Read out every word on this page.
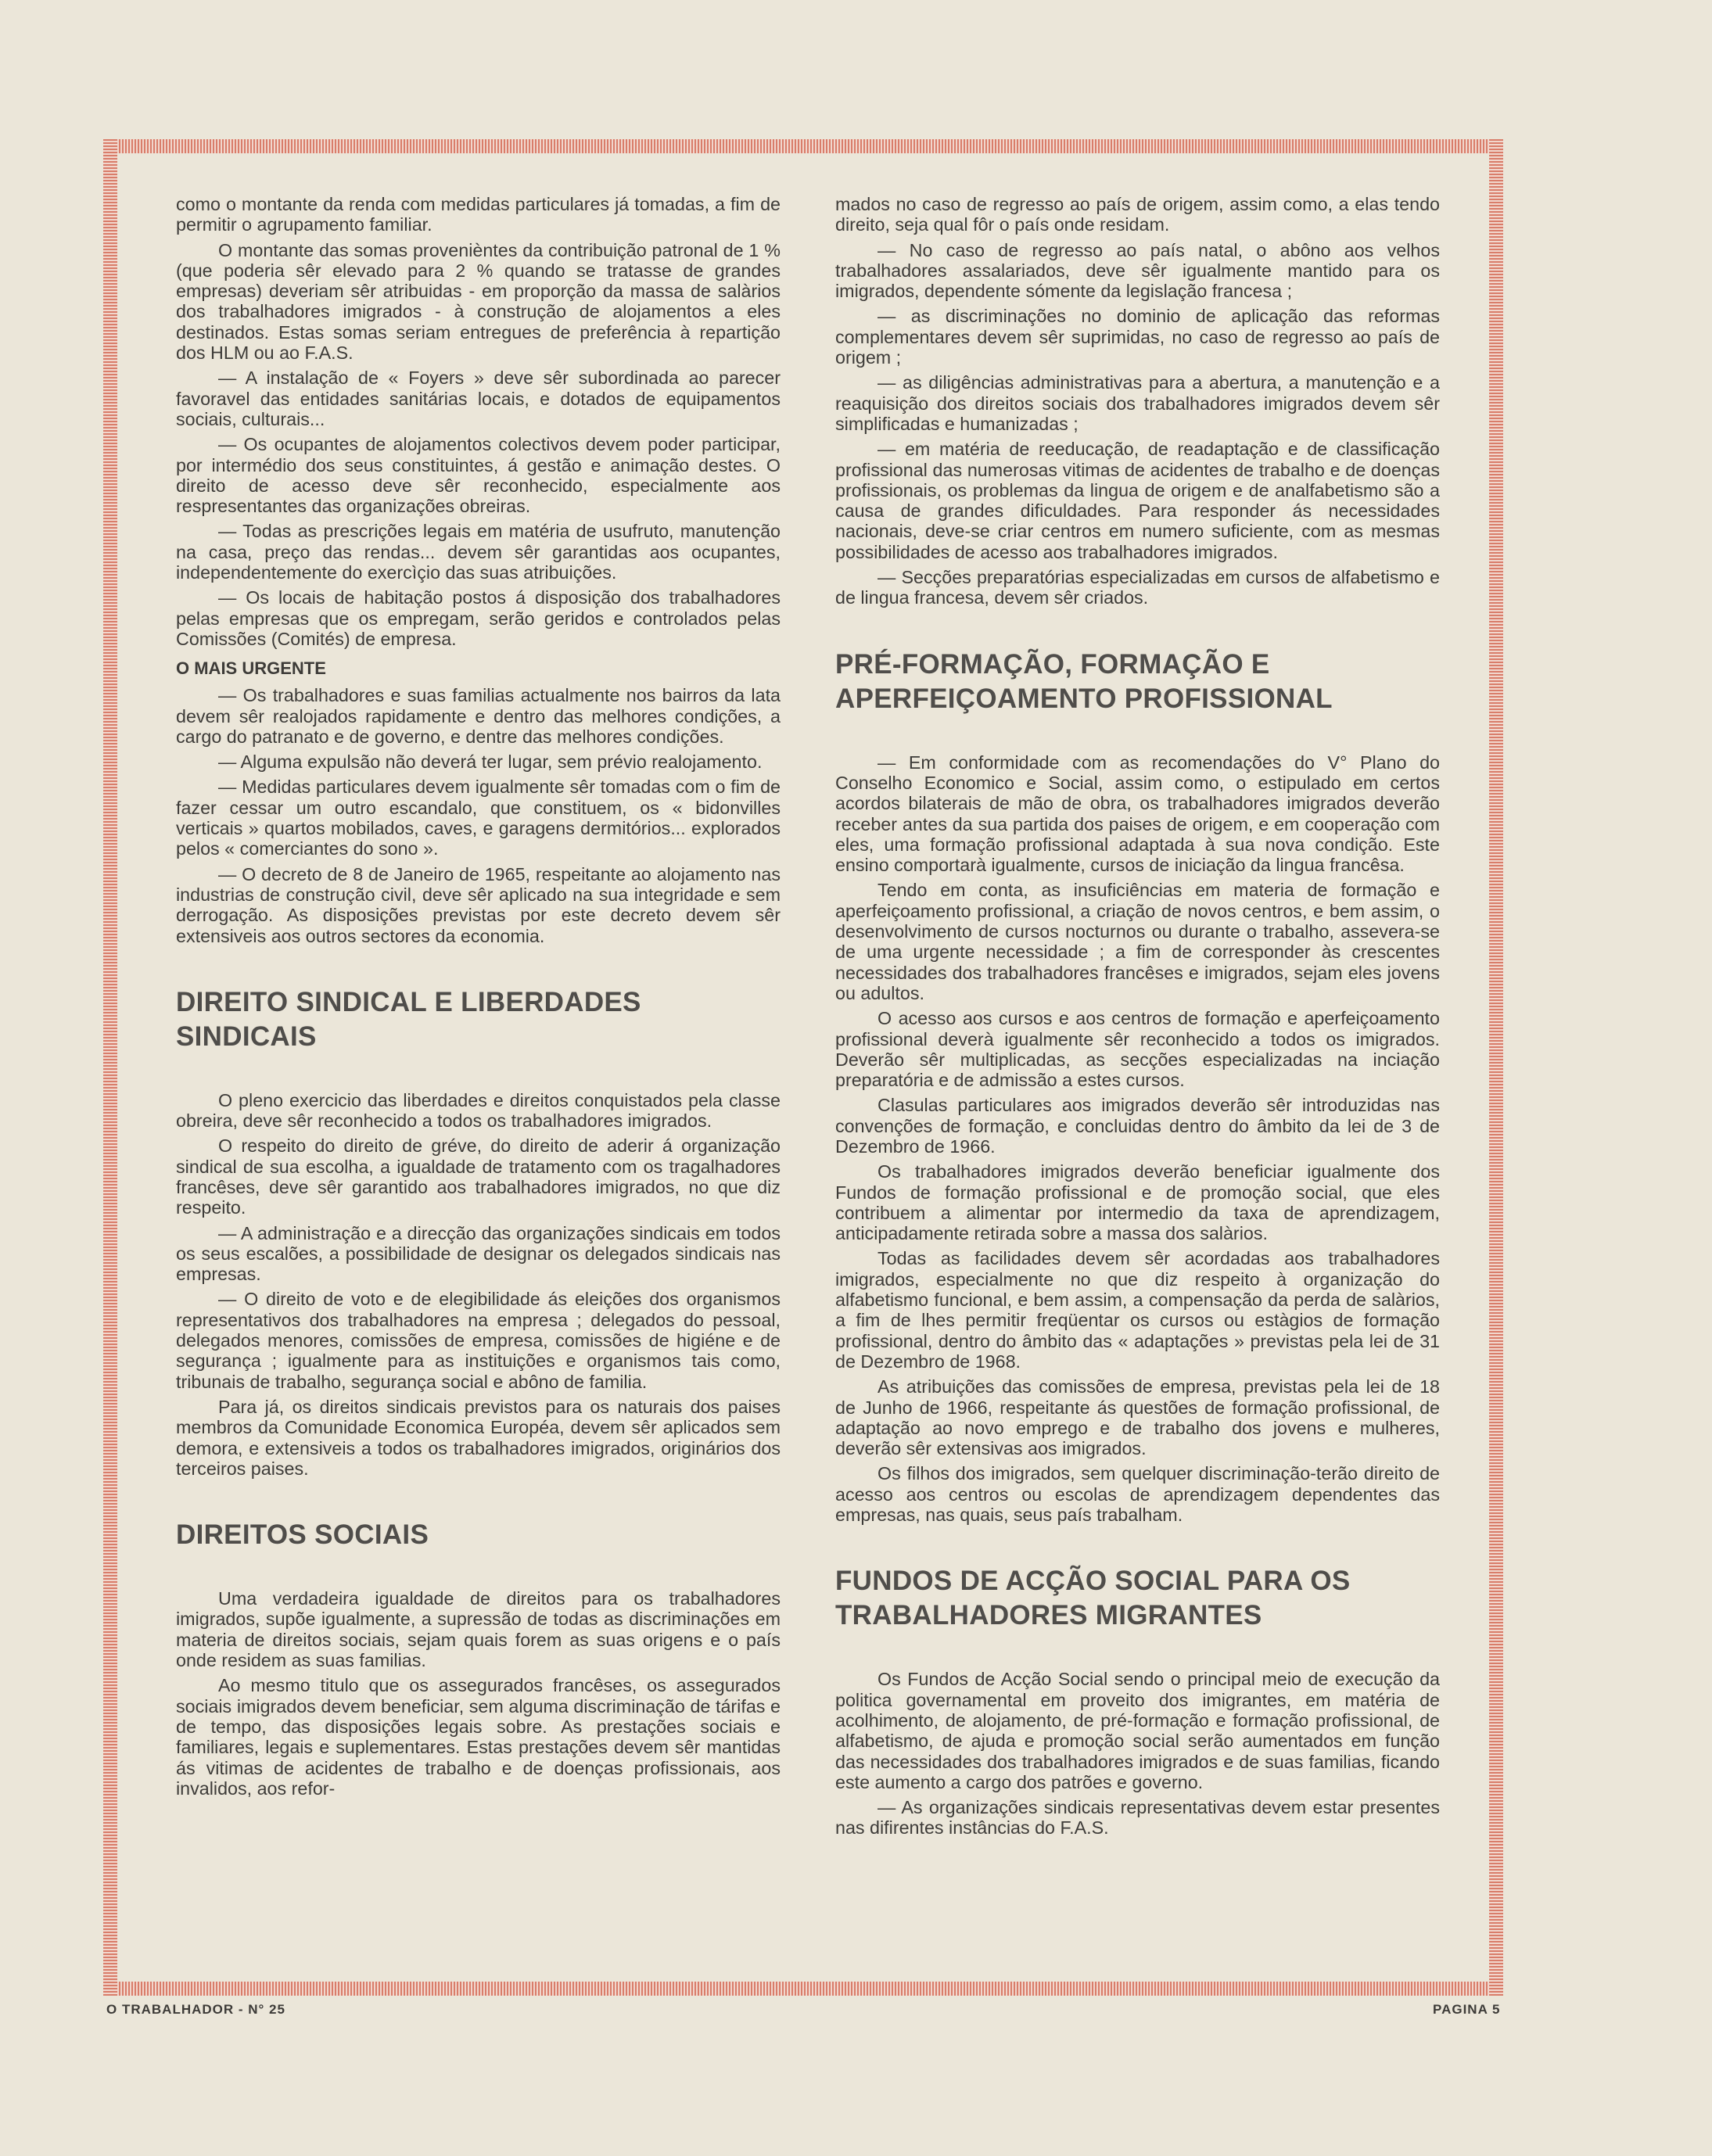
como o montante da renda com medidas particulares já tomadas, a fim de permitir o agrupamento familiar.

O montante das somas provenièntes da contribuição patronal de 1 % (que poderia sêr elevado para 2 % quando se tratasse de grandes empresas) deveriam sêr atribuidas - em proporção da massa de salàrios dos trabalhadores imigrados - à construção de alojamentos a eles destinados. Estas somas seriam entregues de preferência à repartição dos HLM ou ao F.A.S.

— A instalação de « Foyers » deve sêr subordinada ao parecer favoravel das entidades sanitárias locais, e dotados de equipamentos sociais, culturais...

— Os ocupantes de alojamentos colectivos devem poder participar, por intermédio dos seus constituintes, á gestão e animação destes. O direito de acesso deve sêr reconhecido, especialmente aos respresentantes das organizações obreiras.

— Todas as prescrições legais em matéria de usufruto, manutenção na casa, preço das rendas... devem sêr garantidas aos ocupantes, independentemente do exercìçio das suas atribuições.

— Os locais de habitação postos á disposição dos trabalhadores pelas empresas que os empregam, serão geridos e controlados pelas Comissões (Comités) de empresa.

O MAIS URGENTE

— Os trabalhadores e suas familias actualmente nos bairros da lata devem sêr realojados rapidamente e dentro das melhores condições, a cargo do patranato e de governo, e dentre das melhores condições.

— Alguma expulsão não deverá ter lugar, sem prévio realojamento.

— Medidas particulares devem igualmente sêr tomadas com o fim de fazer cessar um outro escandalo, que constituem, os « bidonvilles verticais » quartos mobilados, caves, e garagens dermitórios... explorados pelos « comerciantes do sono ».

— O decreto de 8 de Janeiro de 1965, respeitante ao alojamento nas industrias de construção civil, deve sêr aplicado na sua integridade e sem derrogação. As disposições previstas por este decreto devem sêr extensiveis aos outros sectores da economia.

DIREITO SINDICAL E LIBERDADES SINDICAIS

O pleno exercicio das liberdades e direitos conquistados pela classe obreira, deve sêr reconhecido a todos os trabalhadores imigrados.

O respeito do direito de gréve, do direito de aderir á organização sindical de sua escolha, a igualdade de tratamento com os tragalhadores francêses, deve sêr garantido aos trabalhadores imigrados, no que diz respeito.

— A administração e a direcção das organizações sindicais em todos os seus escalões, a possibilidade de designar os delegados sindicais nas empresas.

— O direito de voto e de elegibilidade ás eleições dos organismos representativos dos trabalhadores na empresa ; delegados do pessoal, delegados menores, comissões de empresa, comissões de higiéne e de segurança ; igualmente para as instituições e organismos tais como, tribunais de trabalho, segurança social e abôno de familia.

Para já, os direitos sindicais previstos para os naturais dos paises membros da Comunidade Economica Européa, devem sêr aplicados sem demora, e extensiveis a todos os trabalhadores imigrados, originários dos terceiros paises.

DIREITOS SOCIAIS

Uma verdadeira igualdade de direitos para os trabalhadores imigrados, supõe igualmente, a supressão de todas as discriminações em materia de direitos sociais, sejam quais forem as suas origens e o país onde residem as suas familias.

Ao mesmo titulo que os assegurados francêses, os assegurados sociais imigrados devem beneficiar, sem alguma discriminação de tárifas e de tempo, das disposições legais sobre. As prestações sociais e familiares, legais e suplementares. Estas prestações devem sêr mantidas ás vitimas de acidentes de trabalho e de doenças profissionais, aos invalidos, aos refor-

mados no caso de regresso ao país de origem, assim como, a elas tendo direito, seja qual fôr o país onde residam.

— No caso de regresso ao país natal, o abôno aos velhos trabalhadores assalariados, deve sêr igualmente mantido para os imigrados, dependente sómente da legislação francesa ;

— as discriminações no dominio de aplicação das reformas complementares devem sêr suprimidas, no caso de regresso ao país de origem ;

— as diligências administrativas para a abertura, a manutenção e a reaquisição dos direitos sociais dos trabalhadores imigrados devem sêr simplificadas e humanizadas ;

— em matéria de reeducação, de readaptação e de classificação profissional das numerosas vitimas de acidentes de trabalho e de doenças profissionais, os problemas da lingua de origem e de analfabetismo são a causa de grandes dificuldades. Para responder ás necessidades nacionais, deve-se criar centros em numero suficiente, com as mesmas possibilidades de acesso aos trabalhadores imigrados.

— Secções preparatórias especializadas em cursos de alfabetismo e de lingua francesa, devem sêr criados.

PRÉ-FORMAÇÃO, FORMAÇÃO E APERFEIÇOAMENTO PROFISSIONAL

— Em conformidade com as recomendações do V° Plano do Conselho Economico e Social, assim como, o estipulado em certos acordos bilaterais de mão de obra, os trabalhadores imigrados deverão receber antes da sua partida dos paises de origem, e em cooperação com eles, uma formação profissional adaptada à sua nova condição. Este ensino comportarà igualmente, cursos de iniciação da lingua francêsa.

Tendo em conta, as insuficiências em materia de formação e aperfeiçoamento profissional, a criação de novos centros, e bem assim, o desenvolvimento de cursos nocturnos ou durante o trabalho, assevera-se de uma urgente necessidade ; a fim de corresponder às crescentes necessidades dos trabalhadores francêses e imigrados, sejam eles jovens ou adultos.

O acesso aos cursos e aos centros de formação e aperfeiçoamento profissional deverà igualmente sêr reconhecido a todos os imigrados. Deverão sêr multiplicadas, as secções especializadas na inciação preparatória e de admissão a estes cursos.

Clasulas particulares aos imigrados deverão sêr introduzidas nas convenções de formação, e concluidas dentro do âmbito da lei de 3 de Dezembro de 1966.

Os trabalhadores imigrados deverão beneficiar igualmente dos Fundos de formação profissional e de promoção social, que eles contribuem a alimentar por intermedio da taxa de aprendizagem, anticipadamente retirada sobre a massa dos salàrios.

Todas as facilidades devem sêr acordadas aos trabalhadores imigrados, especialmente no que diz respeito à organização do alfabetismo funcional, e bem assim, a compensação da perda de salàrios, a fim de lhes permitir freqüentar os cursos ou estàgios de formação profissional, dentro do âmbito das « adaptações » previstas pela lei de 31 de Dezembro de 1968.

As atribuições das comissões de empresa, previstas pela lei de 18 de Junho de 1966, respeitante ás questões de formação profissional, de adaptação ao novo emprego e de trabalho dos jovens e mulheres, deverão sêr extensivas aos imigrados.

Os filhos dos imigrados, sem quelquer discriminação-terão direito de acesso aos centros ou escolas de aprendizagem dependentes das empresas, nas quais, seus país trabalham.

FUNDOS DE ACÇÃO SOCIAL PARA OS TRABALHADORES MIGRANTES

Os Fundos de Acção Social sendo o principal meio de execução da politica governamental em proveito dos imigrantes, em matéria de acolhimento, de alojamento, de pré-formação e formação profissional, de alfabetismo, de ajuda e promoção social serão aumentados em função das necessidades dos trabalhadores imigrados e de suas familias, ficando este aumento a cargo dos patrões e governo.

— As organizações sindicais representativas devem estar presentes nas difirentes instâncias do F.A.S.

O TRABALHADOR - N° 25	PAGINA 5
